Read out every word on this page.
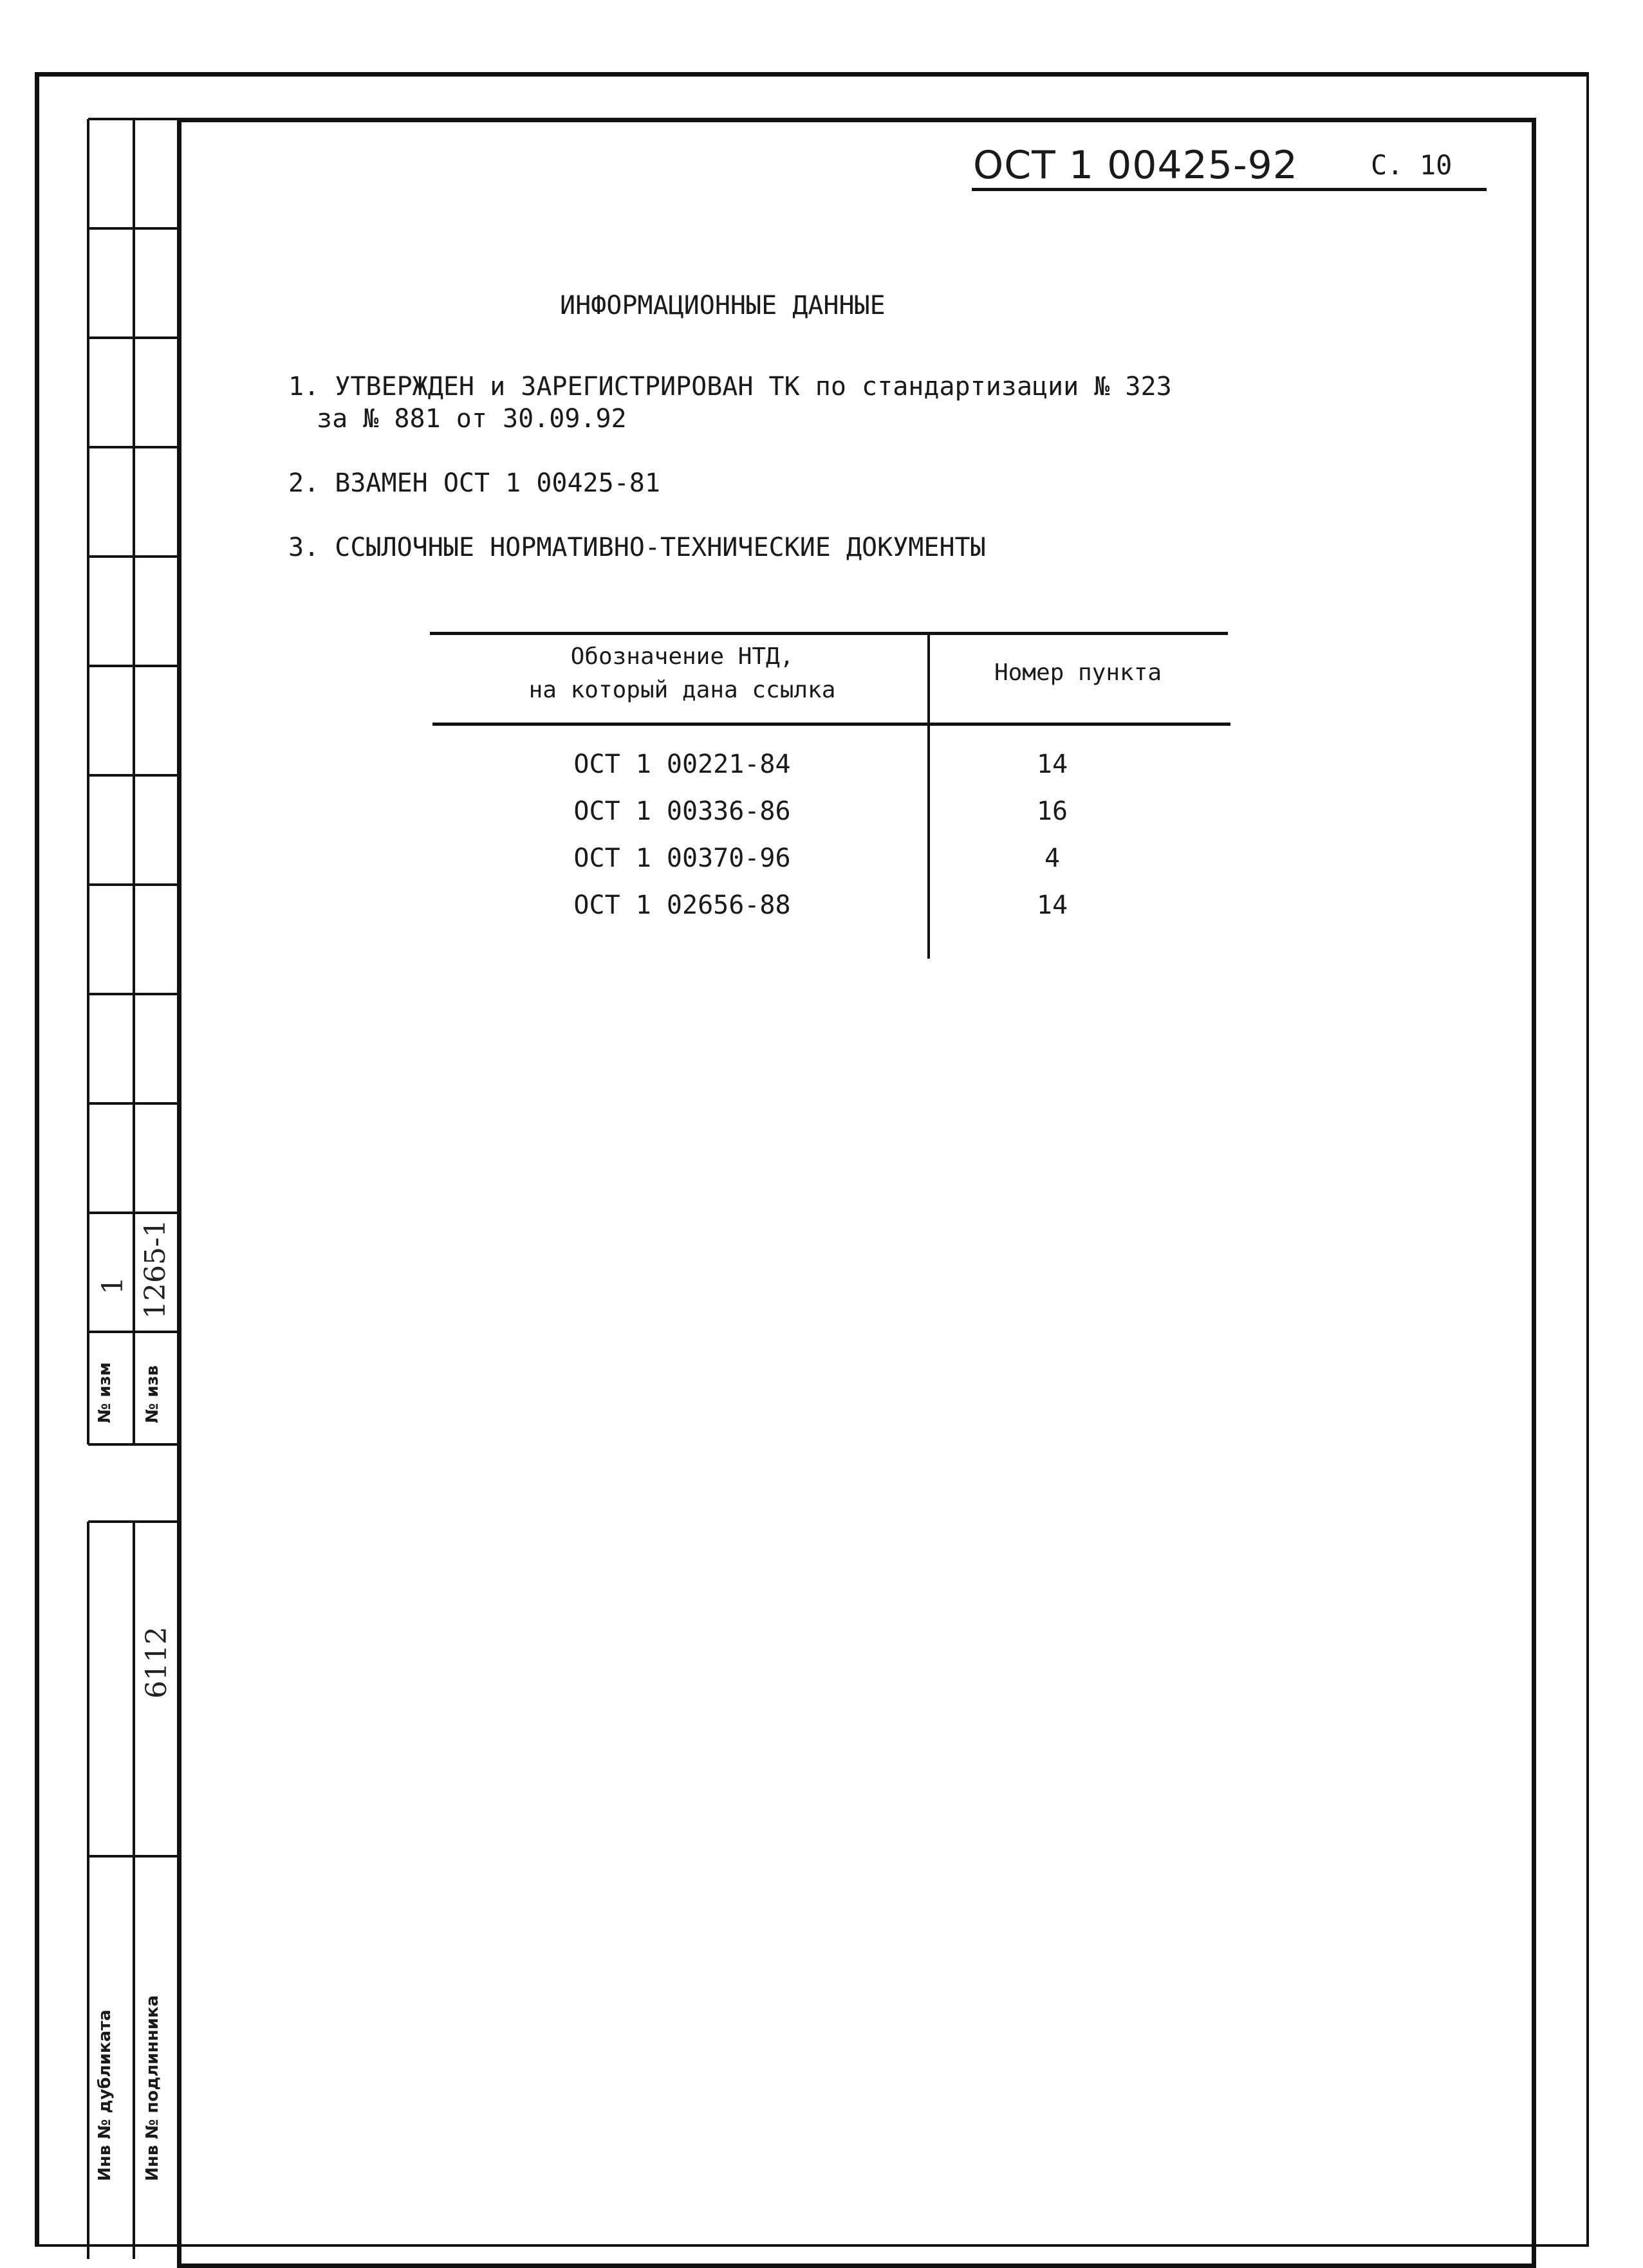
№ изм № изв
1 1265-1
Инв № дубликата Инв № подлинника
6112
ОСТ 1 00425-92	С. 10
ИНФОРМАЦИОННЫЕ ДАННЫЕ
1. УТВЕРЖДЕН и ЗАРЕГИСТРИРОВАН ТК по стандартизации № 323
за № 881 от 30.09.92
2. ВЗАМЕН ОСТ 1 00425-81
3. ССЫЛОЧНЫЕ НОРМАТИВНО-ТЕХНИЧЕСКИЕ ДОКУМЕНТЫ
Обозначение НТД,
на который дана ссылка
Номер пункта
ОСТ 1 00221-84	14
ОСТ 1 00336-86	16
ОСТ 1 00370-96	4
ОСТ 1 02656-88	14
